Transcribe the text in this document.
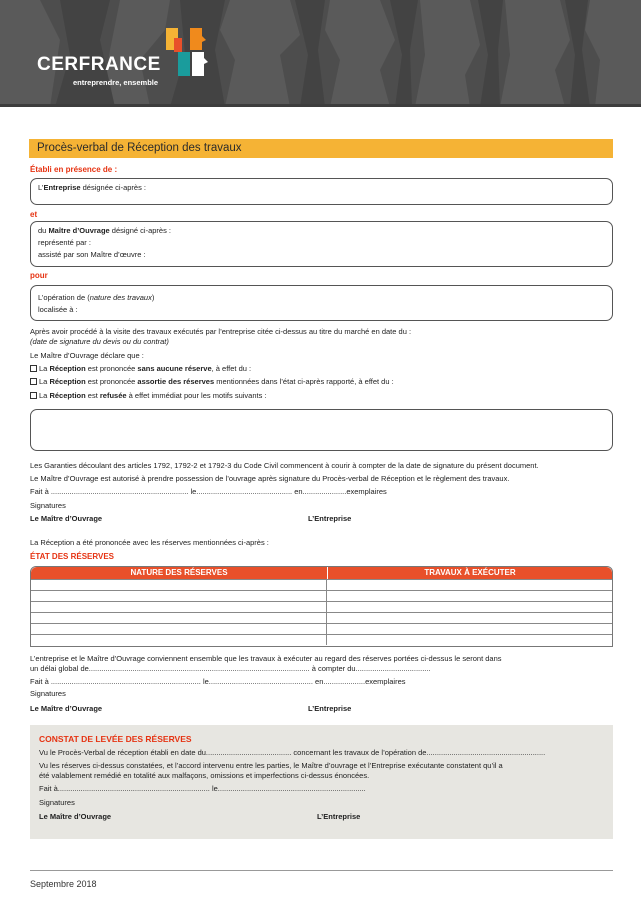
CERFRANCE
entreprendre, ensemble
Procès-verbal de Réception des travaux
Établi en présence de :
L’Entreprise désignée ci-après :
et
du Maître d’Ouvrage désigné ci-après :
représenté par :
assisté par son Maître d’œuvre :
pour
L’opération de (nature des travaux)
localisée à :
Après avoir procédé à la visite des travaux exécutés par l’entreprise citée ci-dessus au titre du marché en date du :
(date de signature du devis ou du contrat)
Le Maître d’Ouvrage déclare que :
La Réception est prononcée sans aucune réserve, à effet du :
La Réception est prononcée assortie des réserves mentionnées dans l’état ci-après rapporté, à effet du :
La Réception est refusée à effet immédiat pour les motifs suivants :
Les Garanties découlant des articles 1792, 1792-2 et 1792-3 du Code Civil commencent à courir à compter de la date de signature du présent document.
Le Maître d’Ouvrage est autorisé à prendre possession de l’ouvrage après signature du Procès-verbal de Réception et le règlement des travaux.
Fait à .................................................................. le.............................................. en.....................exemplaires
Signatures
Le Maître d’Ouvrage	L’Entreprise
La Réception a été prononcée avec les réserves mentionnées ci-après :
ÉTAT DES RÉSERVES
NATURE DES RÉSERVES	TRAVAUX À EXÉCUTER
L’entreprise et le Maître d’Ouvrage conviennent ensemble que les travaux à exécuter au regard des réserves portées ci-dessus le seront dans
un délai global de.......................................................................................................... à compter du....................................
Fait à ........................................................................ le.................................................. en....................exemplaires
Signatures
Le Maître d’Ouvrage	L’Entreprise
CONSTAT DE LEVÉE DES RÉSERVES
Vu le Procès-Verbal de réception établi en date du......................................... concernant les travaux de l’opération de.........................................................
Vu les réserves ci-dessus constatées, et l’accord intervenu entre les parties, le Maître d’ouvrage et l’Entreprise exécutante constatent qu’il a
été valablement remédié en totalité aux malfaçons, omissions et imperfections ci-dessus énoncées.
Fait à......................................................................... le.......................................................................
Signatures
Le Maître d’Ouvrage	L’Entreprise
Septembre 2018
